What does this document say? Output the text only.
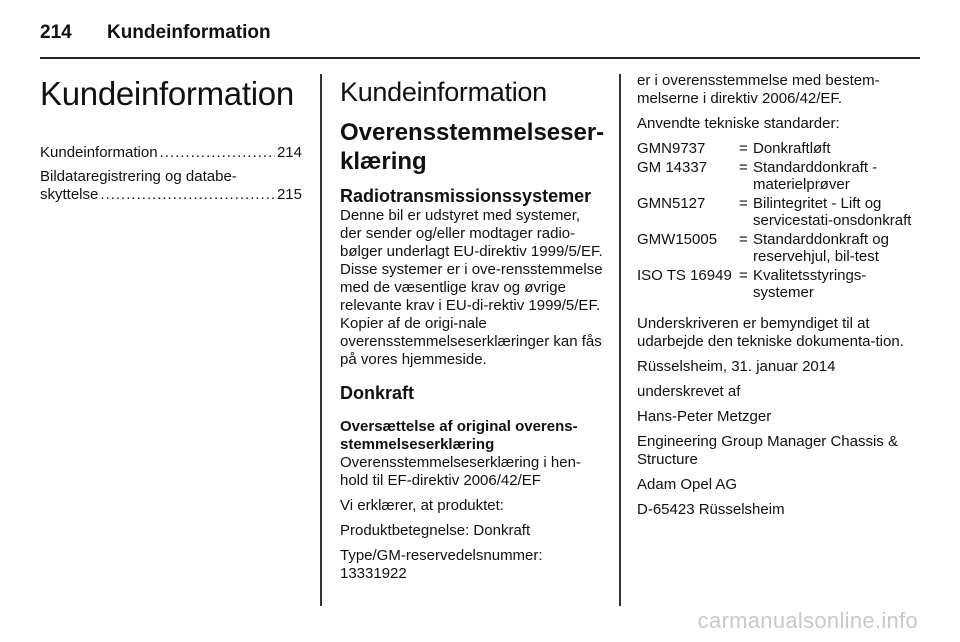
214 Kundeinformation
Kundeinformation
Kundeinformation .....	214
Bildataregistrering og databe-
skyttelse .....	215
Kundeinformation
Overensstemmelseser-
klæring
Radiotransmissionssystemer

Denne bil er udstyret med systemer, der sender og/eller modtager radio-bølger underlagt EU-direktiv 1999/5/EF. Disse systemer er i ove-rensstemmelse med de væsentlige krav og øvrige relevante krav i EU-di-rektiv 1999/5/EF. Kopier af de origi-nale overensstemmelseserklæringer kan fås på vores hjemmeside.

Donkraft
Oversættelse af original overens-stemmelseserklæring

Overensstemmelseserklæring i hen-hold til EF-direktiv 2006/42/EF

Vi erklærer, at produktet:

Produktbetegnelse: Donkraft

Type/GM-reservedelsnummer: 13331922

er i overensstemmelse med bestem-melserne i direktiv 2006/42/EF.

Anvendte tekniske standarder:

GMN9737	=	Donkraftløft
GM 14337	=	Standarddonkraft - materielprøver
GMN5127	=	Bilintegritet - Lift og servicestati-onsdonkraft
GMW15005	=	Standarddonkraft og reservehjul, bil-test
ISO TS 16949	=	Kvalitetsstyrings-systemer

Underskriveren er bemyndiget til at udarbejde den tekniske dokumenta-tion.

Rüsselsheim, 31. januar 2014

underskrevet af

Hans-Peter Metzger

Engineering Group Manager Chassis & Structure

Adam Opel AG

D-65423 Rüsselsheim

carmanualsonline.info
